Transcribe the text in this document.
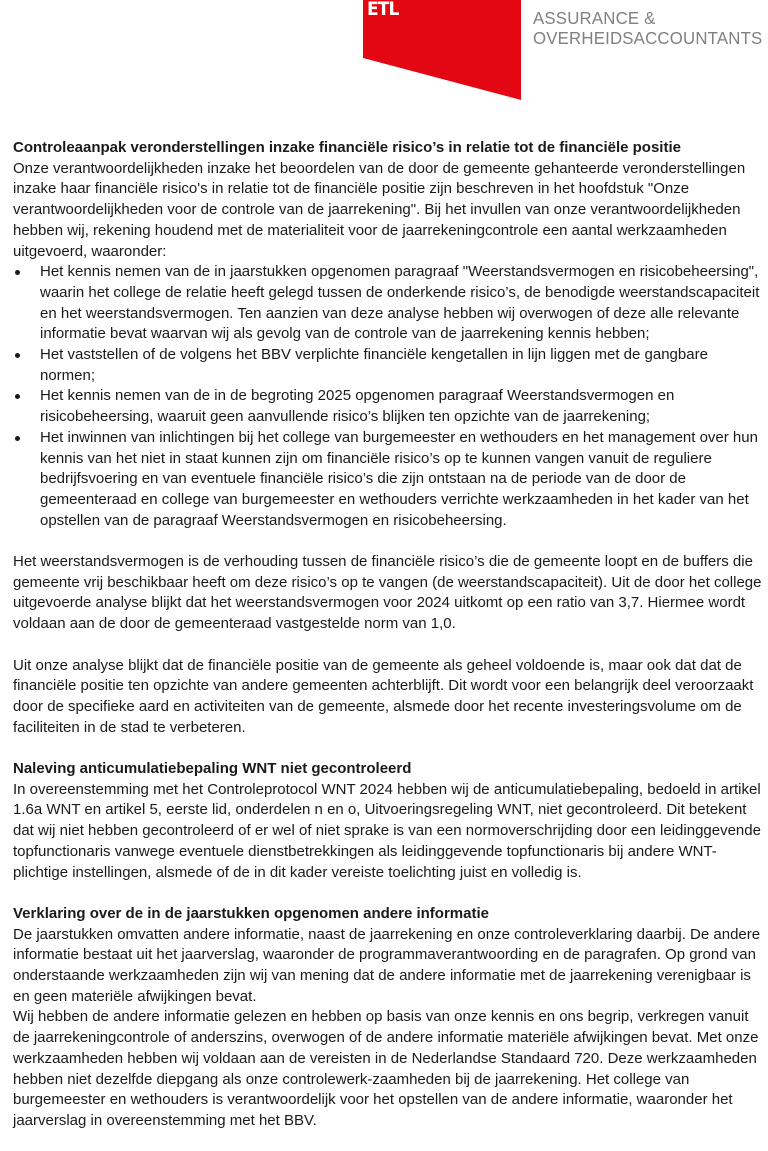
ETL	ASSURANCE &
OVERHEIDSACCOUNTANTS

Controleaanpak veronderstellingen inzake financiële risico’s in relatie tot de financiële positie

Onze verantwoordelijkheden inzake het beoordelen van de door de gemeente gehanteerde veronderstellingen inzake haar financiële risico's in relatie tot de financiële positie zijn beschreven in het hoofdstuk "Onze verantwoordelijkheden voor de controle van de jaarrekening". Bij het invullen van onze verantwoordelijkheden hebben wij, rekening houdend met de materialiteit voor de jaarrekeningcontrole een aantal werkzaamheden uitgevoerd, waaronder:

Het kennis nemen van de in jaarstukken opgenomen paragraaf "Weerstandsvermogen en risicobeheersing", waarin het college de relatie heeft gelegd tussen de onderkende risico’s, de benodigde weerstandscapaciteit en het weerstandsvermogen. Ten aanzien van deze analyse hebben wij overwogen of deze alle relevante informatie bevat waarvan wij als gevolg van de controle van de jaarrekening kennis hebben;
Het vaststellen of de volgens het BBV verplichte financiële kengetallen in lijn liggen met de gangbare normen;
Het kennis nemen van de in de begroting 2025 opgenomen paragraaf Weerstandsvermogen en risicobeheersing, waaruit geen aanvullende risico’s blijken ten opzichte van de jaarrekening;
Het inwinnen van inlichtingen bij het college van burgemeester en wethouders en het management over hun kennis van het niet in staat kunnen zijn om financiële risico’s op te kunnen vangen vanuit de reguliere bedrijfsvoering en van eventuele financiële risico’s die zijn ontstaan na de periode van de door de gemeenteraad en college van burgemeester en wethouders verrichte werkzaamheden in het kader van het opstellen van de paragraaf Weerstandsvermogen en risicobeheersing.

Het weerstandsvermogen is de verhouding tussen de financiële risico’s die de gemeente loopt en de buffers die gemeente vrij beschikbaar heeft om deze risico’s op te vangen (de weerstandscapaciteit). Uit de door het college uitgevoerde analyse blijkt dat het weerstandsvermogen voor 2024 uitkomt op een ratio van 3,7. Hiermee wordt voldaan aan de door de gemeenteraad vastgestelde norm van 1,0.

Uit onze analyse blijkt dat de financiële positie van de gemeente als geheel voldoende is, maar ook dat dat de financiële positie ten opzichte van andere gemeenten achterblijft. Dit wordt voor een belangrijk deel veroorzaakt door de specifieke aard en activiteiten van de gemeente, alsmede door het recente investeringsvolume om de faciliteiten in de stad te verbeteren.

Naleving anticumulatiebepaling WNT niet gecontroleerd

In overeenstemming met het Controleprotocol WNT 2024 hebben wij de anticumulatiebepaling, bedoeld in artikel 1.6a WNT en artikel 5, eerste lid, onderdelen n en o, Uitvoeringsregeling WNT, niet gecontroleerd. Dit betekent dat wij niet hebben gecontroleerd of er wel of niet sprake is van een normoverschrijding door een leidinggevende topfunctionaris vanwege eventuele dienstbetrekkingen als leidinggevende topfunctionaris bij andere WNT-plichtige instellingen, alsmede of de in dit kader vereiste toelichting juist en volledig is.

Verklaring over de in de jaarstukken opgenomen andere informatie

De jaarstukken omvatten andere informatie, naast de jaarrekening en onze controleverklaring daarbij. De andere informatie bestaat uit het jaarverslag, waaronder de programmaverantwoording en de paragrafen. Op grond van onderstaande werkzaamheden zijn wij van mening dat de andere informatie met de jaarrekening verenigbaar is en geen materiële afwijkingen bevat.

Wij hebben de andere informatie gelezen en hebben op basis van onze kennis en ons begrip, verkregen vanuit de jaarrekeningcontrole of anderszins, overwogen of de andere informatie materiële afwijkingen bevat. Met onze werkzaamheden hebben wij voldaan aan de vereisten in de Nederlandse Standaard 720. Deze werkzaamheden hebben niet dezelfde diepgang als onze controlewerk-zaamheden bij de jaarrekening. Het college van burgemeester en wethouders is verantwoordelijk voor het opstellen van de andere informatie, waaronder het jaarverslag in overeenstemming met het BBV.
